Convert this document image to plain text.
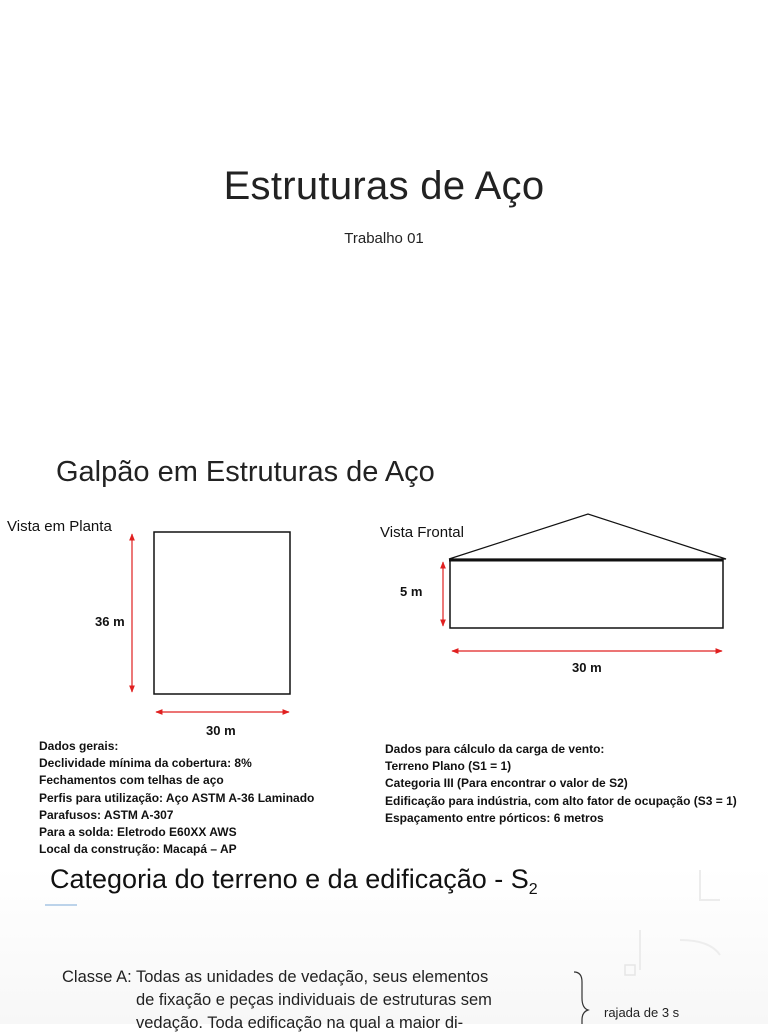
Estruturas de Aço
Trabalho 01
Galpão em Estruturas de Aço
Vista em Planta	Vista Frontal
36 m
30 m
5 m
30 m
Dados gerais:
Declividade mínima da cobertura: 8%
Fechamentos com telhas de aço
Perfis para utilização: Aço ASTM A-36 Laminado
Parafusos: ASTM A-307
Para a solda: Eletrodo E60XX AWS
Local da construção: Macapá – AP
Dados para cálculo da carga de vento:
Terreno Plano (S1 = 1)
Categoria III (Para encontrar o valor de S2)
Edificação para indústria, com alto fator de ocupação (S3 = 1)
Espaçamento entre pórticos: 6 metros
Categoria do terreno e da edificação - $S_2$
Classe A: Todas as unidades de vedação, seus elementos
de fixação e peças individuais de estruturas sem
vedação. Toda edificação na qual a maior di-
rajada de 3 s
